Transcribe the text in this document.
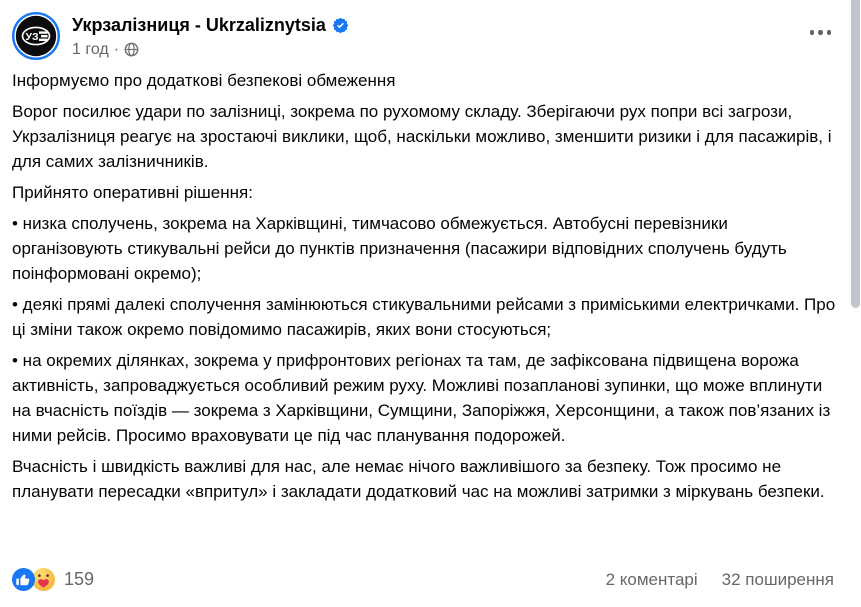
УЗ
Укрзалізниця - Ukrzaliznytsia
1 год ·

Інформуємо про додаткові безпекові обмеження

Ворог посилює удари по залізниці, зокрема по рухомому складу. Зберігаючи рух попри всі загрози, Укрзалізниця реагує на зростаючі виклики, щоб, наскільки можливо, зменшити ризики і для пасажирів, і для самих залізничників.

Прийнято оперативні рішення:

• низка сполучень, зокрема на Харківщині, тимчасово обмежується. Автобусні перевізники організовують стикувальні рейси до пунктів призначення (пасажири відповідних сполучень будуть поінформовані окремо);

• деякі прямі далекі сполучення замінюються стикувальними рейсами з приміськими електричками. Про ці зміни також окремо повідомимо пасажирів, яких вони стосуються;

• на окремих ділянках, зокрема у прифронтових регіонах та там, де зафіксована підвищена ворожа активність, запроваджується особливий режим руху. Можливі позапланові зупинки, що може вплинути на вчасність поїздів — зокрема з Харківщини, Сумщини, Запоріжжя, Херсонщини, а також пов’язаних із ними рейсів. Просимо враховувати це під час планування подорожей.

Вчасність і швидкість важливі для нас, але немає нічого важливішого за безпеку. Тож просимо не планувати пересадки «впритул» і закладати додатковий час на можливі затримки з міркувань безпеки.

159	2 коментарі 32 поширення
